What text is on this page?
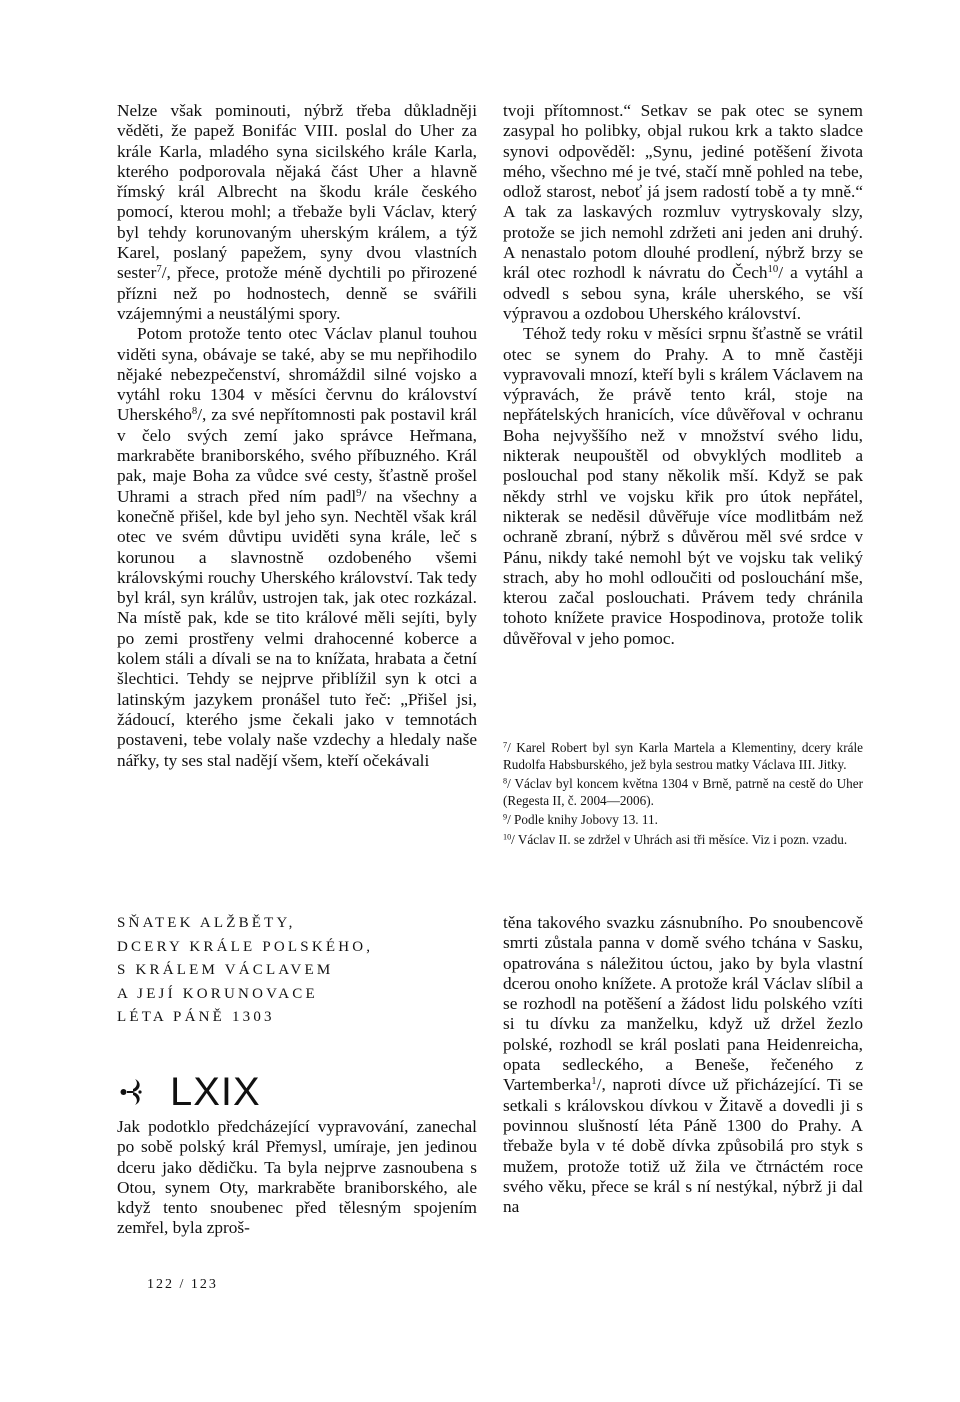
Nelze však pominouti, nýbrž třeba důkladněji věděti, že papež Bonifác VIII. poslal do Uher za krále Karla, mladého syna sicilského krále Karla, kterého podporovala nějaká část Uher a hlavně římský král Albrecht na škodu krále českého pomocí, kterou mohl; a třebaže byli Václav, který byl tehdy korunovaným uherským králem, a týž Karel, poslaný papežem, syny dvou vlastních sester$^7$/, přece, protože méně dychtili po přirozené přízni než po hodnostech, denně se svářili vzájemnými a neustálými spory.

Potom protože tento otec Václav planul touhou viděti syna, obávaje se také, aby se mu nepřihodilo nějaké nebezpečenství, shromáždil silné vojsko a vytáhl roku 1304 v měsíci červnu do království Uherského$^8$/, za své nepřítomnosti pak postavil král v čelo svých zemí jako správce Heřmana, markraběte braniborského, svého příbuzného. Král pak, maje Boha za vůdce své cesty, šťastně prošel Uhrami a strach před ním padl$^9$/ na všechny a konečně přišel, kde byl jeho syn. Nechtěl však král otec ve svém důvtipu uviděti syna krále, leč s korunou a slavnostně ozdobeného všemi královskými rouchy Uherského království. Tak tedy byl král, syn králův, ustrojen tak, jak otec rozkázal. Na místě pak, kde se tito králové měli sejíti, byly po zemi prostřeny velmi drahocenné koberce a kolem stáli a dívali se na to knížata, hrabata a četní šlechtici. Tehdy se nejprve přiblížil syn k otci a latinským jazykem pronášel tuto řeč: „Přišel jsi, žádoucí, kterého jsme čekali jako v temnotách postaveni, tebe volaly naše vzdechy a hledaly naše nářky, ty ses stal nadějí všem, kteří očekávali

tvoji přítomnost.“ Setkav se pak otec se synem zasypal ho polibky, objal rukou krk a takto sladce synovi odpověděl: „Synu, jediné potěšení života mého, všechno mé je tvé, stačí mně pohled na tebe, odlož starost, neboť já jsem radostí tobě a ty mně.“ A tak za laskavých rozmluv vytryskovaly slzy, protože se jich nemohl zdržeti ani jeden ani druhý. A nenastalo potom dlouhé prodlení, nýbrž brzy se král otec rozhodl k návratu do Čech$^{10}$/ a vytáhl a odvedl s sebou syna, krále uherského, se vší výpravou a ozdobou Uherského království.

Téhož tedy roku v měsíci srpnu šťastně se vrátil otec se synem do Prahy. A to mně častěji vypravovali mnozí, kteří byli s králem Václavem na výpravách, že právě tento král, stoje na nepřátelských hranicích, více důvěřoval v ochranu Boha nejvyššího než v množství svého lidu, nikterak neupouštěl od obvyklých modliteb a poslouchal pod stany několik mší. Když se pak někdy strhl ve vojsku křik pro útok nepřátel, nikterak se neděsil důvěřuje více modlitbám než ochraně zbraní, nýbrž s důvěrou měl své srdce v Pánu, nikdy také nemohl být ve vojsku tak veliký strach, aby ho mohl odloučiti od poslouchání mše, kterou začal poslouchati. Právem tedy chránila tohoto knížete pravice Hospodinova, protože tolik důvěřoval v jeho pomoc.

$^7$/ Karel Robert byl syn Karla Martela a Klementiny, dcery krále Rudolfa Habsburského, jež byla sestrou matky Václava III. Jitky.

$^8$/ Václav byl koncem května 1304 v Brně, patrně na cestě do Uher (Regesta II, č. 2004—2006).

$^9$/ Podle knihy Jobovy 13. 11.

$^{10}$/ Václav II. se zdržel v Uhrách asi tři měsíce. Viz i pozn. vzadu.

SŇATEK ALŽBĚTY,
DCERY KRÁLE POLSKÉHO,
S KRÁLEM VÁCLAVEM
A JEJÍ KORUNOVACE
LÉTA PÁNĚ 1303
LXIX

Jak podotklo předcházející vypravování, zanechal po sobě polský král Přemysl, umíraje, jen jedinou dceru jako dědičku. Ta byla nejprve zasnoubena s Otou, synem Oty, markraběte braniborského, ale když tento snoubenec před tělesným spojením zemřel, byla zproš-

těna takového svazku zásnubního. Po snoubencově smrti zůstala panna v domě svého tchána v Sasku, opatrována s náležitou úctou, jako by byla vlastní dcerou onoho knížete. A protože král Václav slíbil a se rozhodl na potěšení a žádost lidu polského vzíti si tu dívku za manželku, když už držel žezlo polské, rozhodl se král poslati pana Heidenreicha, opata sedleckého, a Beneše, řečeného z Vartemberka$^1$/, naproti dívce už přicházející. Ti se setkali s královskou dívkou v Žitavě a dovedli ji s povinnou slušností léta Páně 1300 do Prahy. A třebaže byla v té době dívka způsobilá pro styk s mužem, protože totiž už žila ve čtrnáctém roce svého věku, přece se král s ní nestýkal, nýbrž ji dal na

122 / 123
